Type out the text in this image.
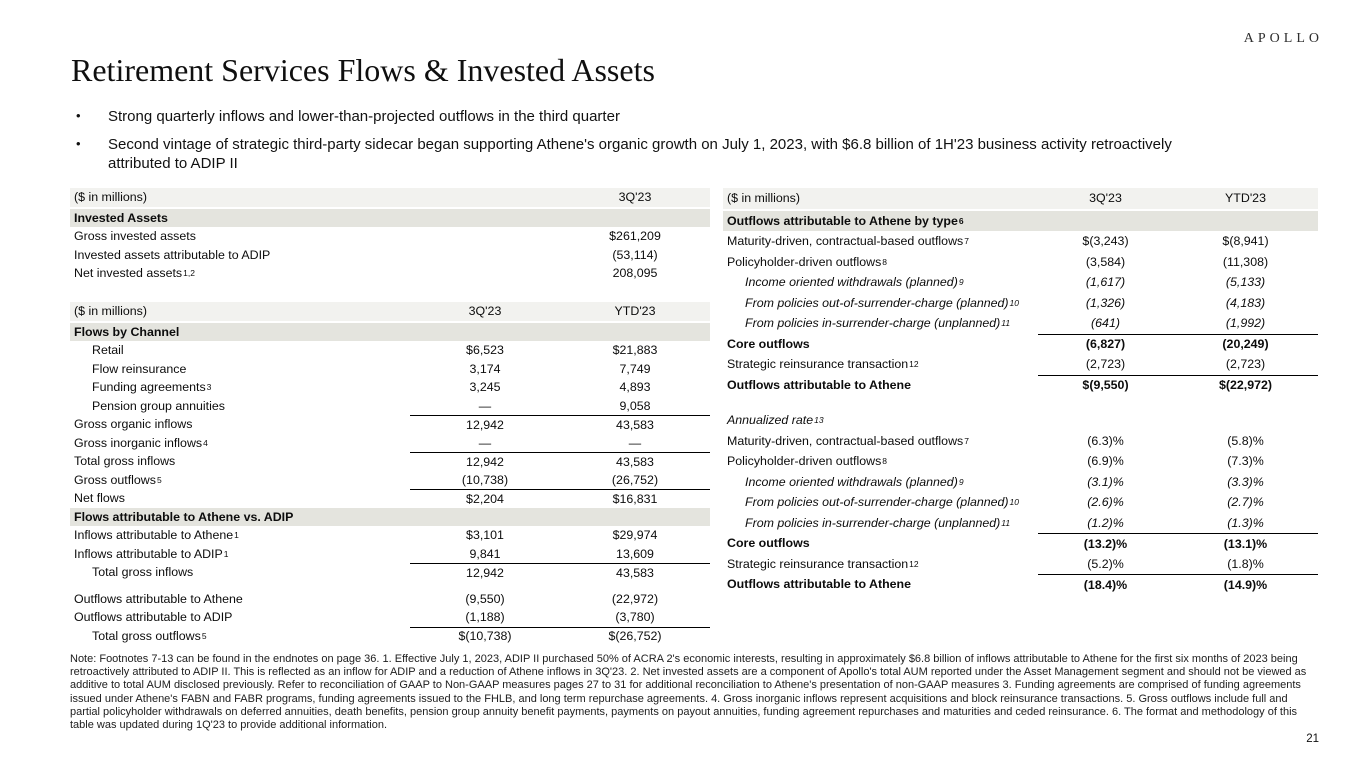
APOLLO
Retirement Services Flows & Invested Assets
•	Strong quarterly inflows and lower-than-projected outflows in the third quarter
•	Second vintage of strategic third-party sidecar began supporting Athene's organic growth on July 1, 2023, with $6.8 billion of 1H'23 business activity retroactively attributed to ADIP II
($ in millions)	3Q'23
Invested Assets
Gross invested assets	$261,209
Invested assets attributable to ADIP	(53,114)
Net invested assets 1,2	208,095
($ in millions)	3Q'23	YTD'23
Flows by Channel
Retail	$6,523	$21,883
Flow reinsurance	3,174	7,749
Funding agreements 3	3,245	4,893
Pension group annuities	—	9,058
Gross organic inflows	12,942	43,583
Gross inorganic inflows 4	—	—
Total gross inflows	12,942	43,583
Gross outflows 5	(10,738)	(26,752)
Net flows	$2,204	$16,831
Flows attributable to Athene vs. ADIP
Inflows attributable to Athene 1	$3,101	$29,974
Inflows attributable to ADIP 1	9,841	13,609
Total gross inflows	12,942	43,583
Outflows attributable to Athene	(9,550)	(22,972)
Outflows attributable to ADIP	(1,188)	(3,780)
Total gross outflows 5	$(10,738)	$(26,752)
($ in millions)	3Q'23	YTD'23
Outflows attributable to Athene by type 6
Maturity-driven, contractual-based outflows 7	$(3,243)	$(8,941)
Policyholder-driven outflows 8	(3,584)	(11,308)
Income oriented withdrawals (planned) 9	(1,617)	(5,133)
From policies out-of-surrender-charge (planned) 10	(1,326)	(4,183)
From policies in-surrender-charge (unplanned) 11	(641)	(1,992)
Core outflows	(6,827)	(20,249)
Strategic reinsurance transaction 12	(2,723)	(2,723)
Outflows attributable to Athene	$(9,550)	$(22,972)
Annualized rate 13
Maturity-driven, contractual-based outflows 7	(6.3)%	(5.8)%
Policyholder-driven outflows 8	(6.9)%	(7.3)%
Income oriented withdrawals (planned) 9	(3.1)%	(3.3)%
From policies out-of-surrender-charge (planned) 10	(2.6)%	(2.7)%
From policies in-surrender-charge (unplanned) 11	(1.2)%	(1.3)%
Core outflows	(13.2)%	(13.1)%
Strategic reinsurance transaction 12	(5.2)%	(1.8)%
Outflows attributable to Athene	(18.4)%	(14.9)%
Note: Footnotes 7-13 can be found in the endnotes on page 36. 1. Effective July 1, 2023, ADIP II purchased 50% of ACRA 2's economic interests, resulting in approximately $6.8 billion of inflows attributable to Athene for the first six months of 2023 being retroactively attributed to ADIP II. This is reflected as an inflow for ADIP and a reduction of Athene inflows in 3Q'23. 2. Net invested assets are a component of Apollo's total AUM reported under the Asset Management segment and should not be viewed as additive to total AUM disclosed previously. Refer to reconciliation of GAAP to Non-GAAP measures pages 27 to 31 for additional reconciliation to Athene's presentation of non-GAAP measures 3. Funding agreements are comprised of funding agreements issued under Athene's FABN and FABR programs, funding agreements issued to the FHLB, and long term repurchase agreements. 4. Gross inorganic inflows represent acquisitions and block reinsurance transactions. 5. Gross outflows include full and partial policyholder withdrawals on deferred annuities, death benefits, pension group annuity benefit payments, payments on payout annuities, funding agreement repurchases and maturities and ceded reinsurance. 6. The format and methodology of this table was updated during 1Q'23 to provide additional information.
21
